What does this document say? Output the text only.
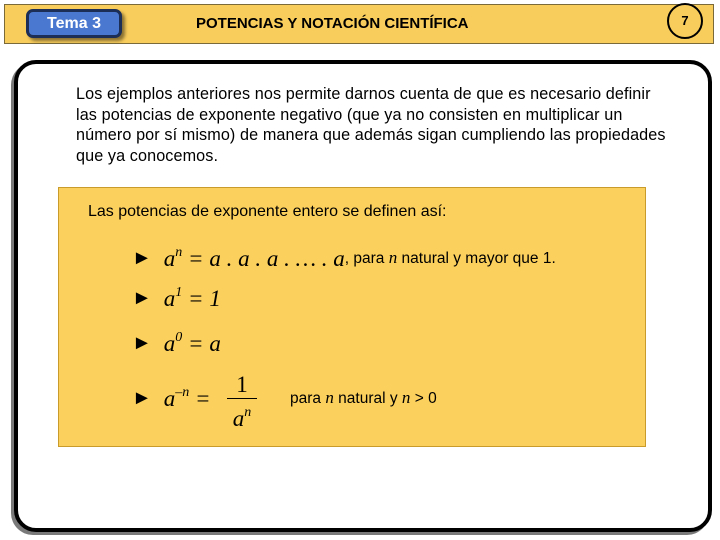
Tema 3	POTENCIAS Y NOTACIÓN CIENTÍFICA	7
Los ejemplos anteriores nos permite darnos cuenta de que es necesario definir las potencias de exponente negativo (que ya no consisten en multiplicar un número por sí mismo) de manera que además sigan cumpliendo las propiedades que ya conocemos.
Las potencias de exponente entero se definen así:
► $a^n = a$ . a . a . … . a , para n natural y mayor que 1.
► $a^1 = 1$
► $a^0 = a$
► $a^{-n}$ =
1
$a^n$
para n natural y n > 0
